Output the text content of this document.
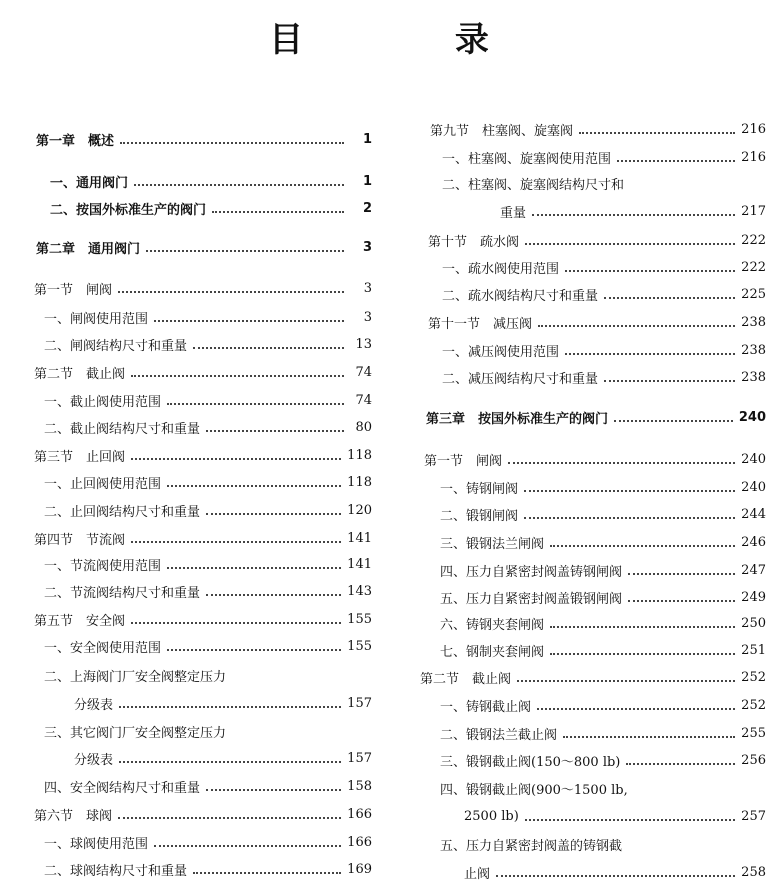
目 录
第一章　概述	1
一、通用阀门	1
二、按国外标准生产的阀门	2
第二章　通用阀门	3
第一节　闸阀	3
一、闸阀使用范围	3
二、闸阀结构尺寸和重量	13
第二节　截止阀	74
一、截止阀使用范围	74
二、截止阀结构尺寸和重量	80
第三节　止回阀	118
一、止回阀使用范围	118
二、止回阀结构尺寸和重量	120
第四节　节流阀	141
一、节流阀使用范围	141
二、节流阀结构尺寸和重量	143
第五节　安全阀	155
一、安全阀使用范围	155
二、上海阀门厂安全阀整定压力
分级表	157
三、其它阀门厂安全阀整定压力
分级表	157
四、安全阀结构尺寸和重量	158
第六节　球阀	166
一、球阀使用范围	166
二、球阀结构尺寸和重量	169
第九节　柱塞阀、旋塞阀	216
一、柱塞阀、旋塞阀使用范围	216
二、柱塞阀、旋塞阀结构尺寸和
重量	217
第十节　疏水阀	222
一、疏水阀使用范围	222
二、疏水阀结构尺寸和重量	225
第十一节　减压阀	238
一、减压阀使用范围	238
二、减压阀结构尺寸和重量	238
第三章　按国外标准生产的阀门	240
第一节　闸阀	240
一、铸钢闸阀	240
二、锻钢闸阀	244
三、锻钢法兰闸阀	246
四、压力自紧密封阀盖铸钢闸阀	247
五、压力自紧密封阀盖锻钢闸阀	249
六、铸钢夹套闸阀	250
七、钢制夹套闸阀	251
第二节　截止阀	252
一、铸钢截止阀	252
二、锻钢法兰截止阀	255
三、锻钢截止阀(150～800 lb)	256
四、锻钢截止阀(900～1500 lb,
2500 lb)	257
五、压力自紧密封阀盖的铸钢截
止阀	258
